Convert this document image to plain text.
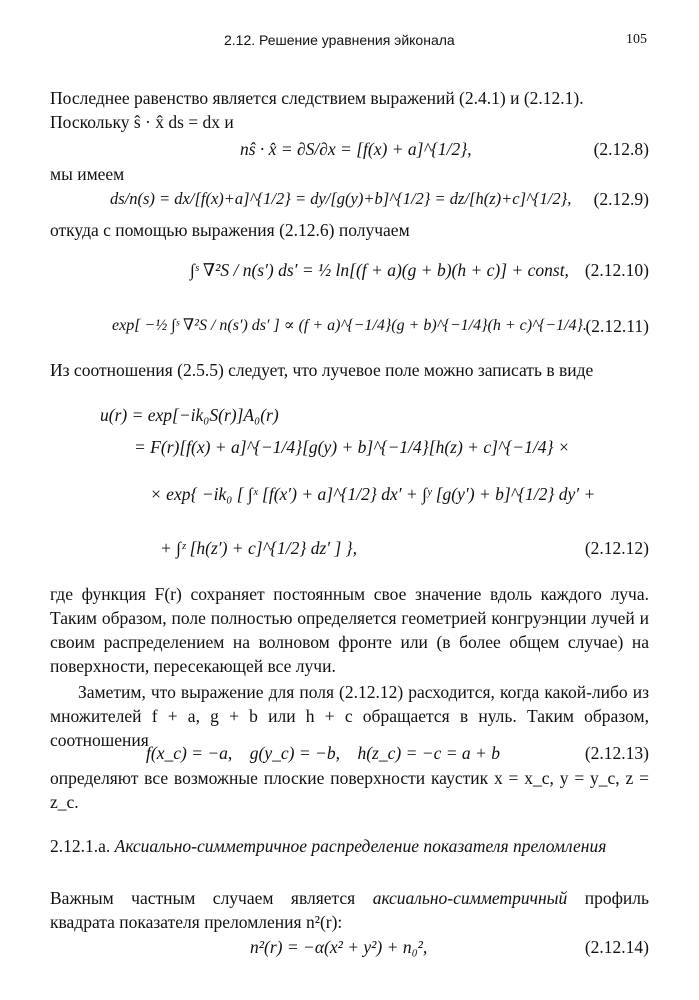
2.12. Решение уравнения эйконала	105
Последнее равенство является следствием выражений (2.4.1) и (2.12.1).
Поскольку ŝ · x̂ ds = dx и
nŝ · x̂ = ∂S/∂x = [f(x) + a]^{1/2},	(2.12.8)
мы имеем
ds/n(s) = dx/[f(x)+a]^{1/2} = dy/[g(y)+b]^{1/2} = dz/[h(z)+c]^{1/2}, (2.12.9)
откуда с помощью выражения (2.12.6) получаем
∫ˢ ∇²S / n(s′) ds′ = ½ ln[(f + a)(g + b)(h + c)] + const, (2.12.10)
exp[ −½ ∫ˢ ∇²S / n(s′) ds′ ] ∝ (f + a)^{−1/4}(g + b)^{−1/4}(h + c)^{−1/4}.
(2.12.11)
Из соотношения (2.5.5) следует, что лучевое поле можно записать в виде
u(r) = exp[−ik₀S(r)]A₀(r)
= F(r)[f(x) + a]^{−1/4}[g(y) + b]^{−1/4}[h(z) + c]^{−1/4} ×
× exp{ −ik₀ [ ∫ˣ [f(x′) + a]^{1/2} dx′ + ∫ʸ [g(y′) + b]^{1/2} dy′ +
+ ∫ᶻ [h(z′) + c]^{1/2} dz′ ] },	(2.12.12)
где функция F(r) сохраняет постоянным свое значение вдоль каждого луча. Таким образом, поле полностью определяется геометрией конгруэнции лучей и своим распределением на волновом фронте или (в более общем случае) на поверхности, пересекающей все лучи.
Заметим, что выражение для поля (2.12.12) расходится, когда какой-либо из множителей f + a, g + b или h + c обращается в нуль. Таким образом, соотношения
f(x_c) = −a,    g(y_c) = −b,    h(z_c) = −c = a + b	(2.12.13)
определяют все возможные плоские поверхности каустик x = x_c, y = y_c, z = z_c.
2.12.1.а. Аксиально-симметричное распределение показателя преломления
Важным частным случаем является аксиально-симметричный профиль квадрата показателя преломления n²(r):
n²(r) = −α(x² + y²) + n₀²,	(2.12.14)
